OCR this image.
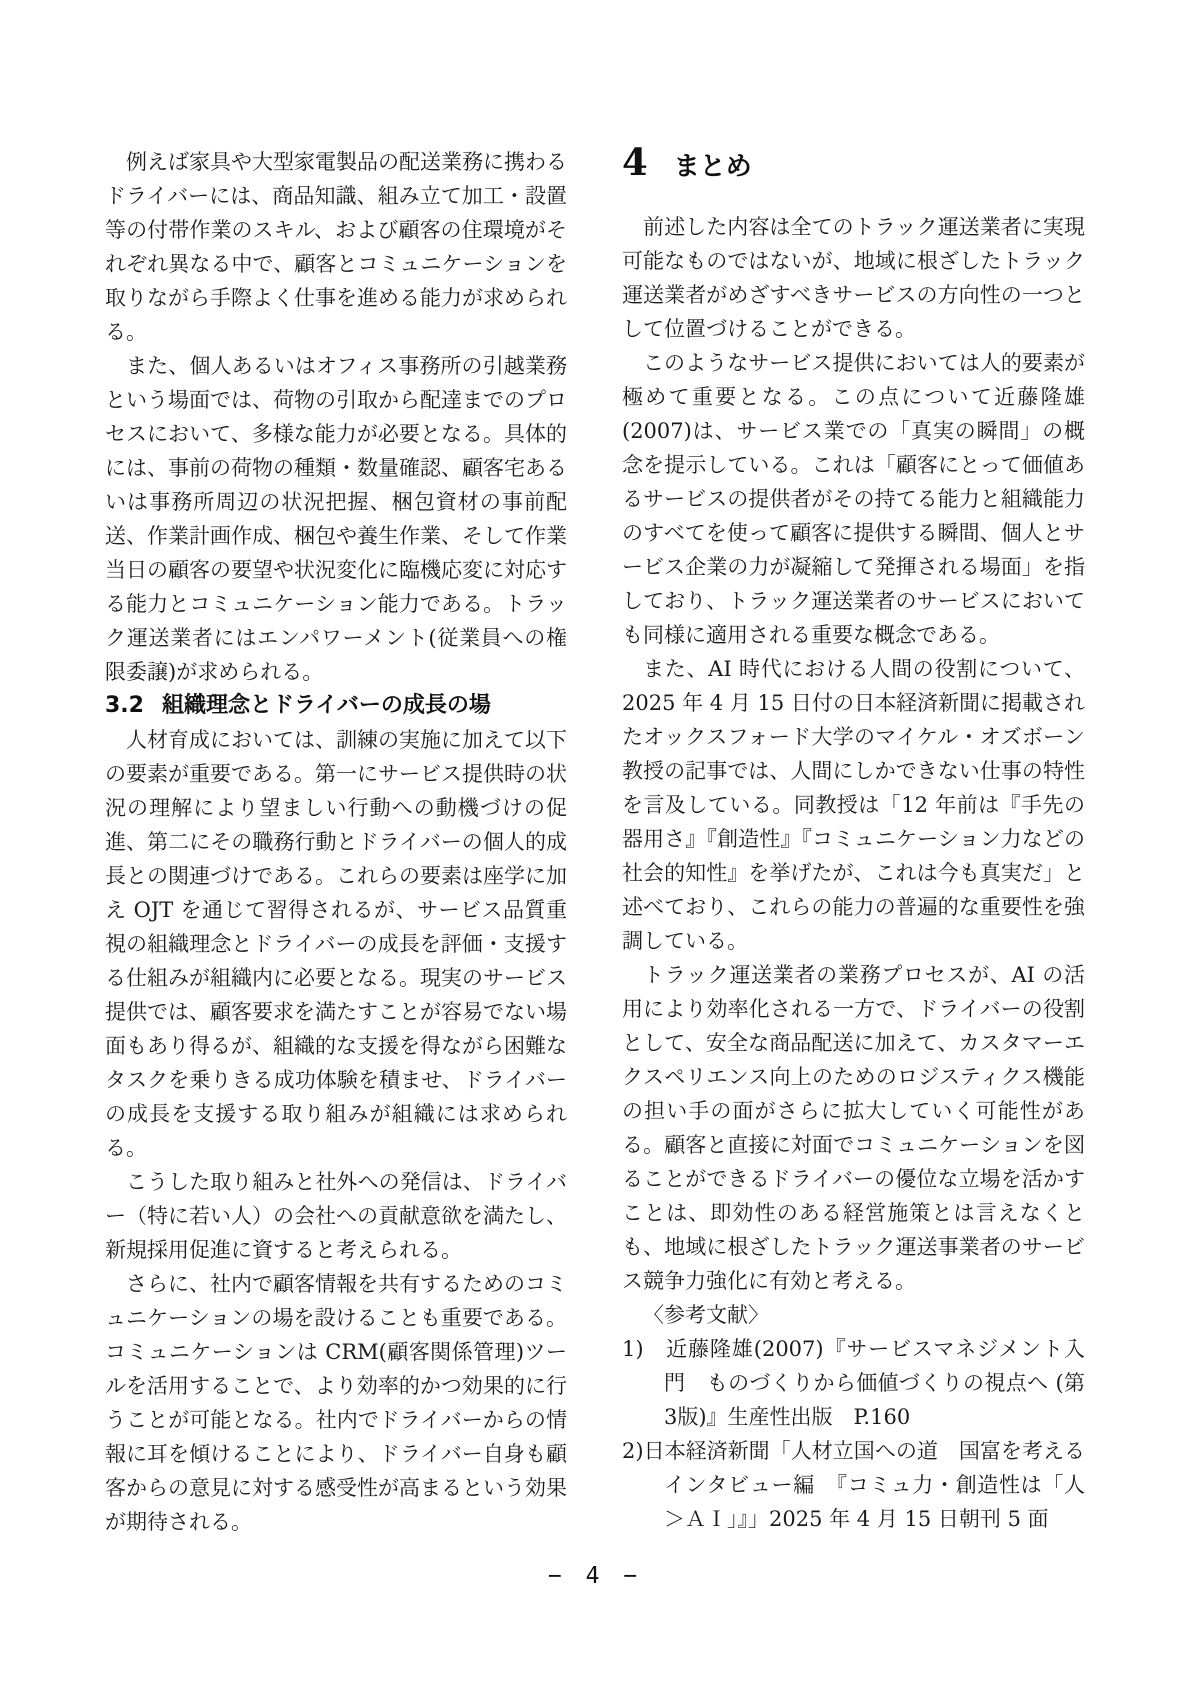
例えば家具や大型家電製品の配送業務に携わるドライバーには、商品知識、組み立て加工・設置等の付帯作業のスキル、および顧客の住環境がそれぞれ異なる中で、顧客とコミュニケーションを取りながら手際よく仕事を進める能力が求められる。

また、個人あるいはオフィス事務所の引越業務という場面では、荷物の引取から配達までのプロセスにおいて、多様な能力が必要となる。具体的には、事前の荷物の種類・数量確認、顧客宅あるいは事務所周辺の状況把握、梱包資材の事前配送、作業計画作成、梱包や養生作業、そして作業当日の顧客の要望や状況変化に臨機応変に対応する能力とコミュニケーション能力である。トラック運送業者にはエンパワーメント(従業員への権限委譲)が求められる。

3.2 組織理念とドライバーの成長の場

人材育成においては、訓練の実施に加えて以下の要素が重要である。第一にサービス提供時の状況の理解により望ましい行動への動機づけの促進、第二にその職務行動とドライバーの個人的成長との関連づけである。これらの要素は座学に加え OJT を通じて習得されるが、サービス品質重視の組織理念とドライバーの成長を評価・支援する仕組みが組織内に必要となる。現実のサービス提供では、顧客要求を満たすことが容易でない場面もあり得るが、組織的な支援を得ながら困難なタスクを乗りきる成功体験を積ませ、ドライバーの成長を支援する取り組みが組織には求められる。

こうした取り組みと社外への発信は、ドライバー（特に若い人）の会社への貢献意欲を満たし、新規採用促進に資すると考えられる。

さらに、社内で顧客情報を共有するためのコミュニケーションの場を設けることも重要である。コミュニケーションは CRM(顧客関係管理)ツールを活用することで、より効率的かつ効果的に行うことが可能となる。社内でドライバーからの情報に耳を傾けることにより、ドライバー自身も顧客からの意見に対する感受性が高まるという効果が期待される。

4 まとめ

前述した内容は全てのトラック運送業者に実現可能なものではないが、地域に根ざしたトラック運送業者がめざすべきサービスの方向性の一つとして位置づけることができる。

このようなサービス提供においては人的要素が極めて重要となる。この点について近藤隆雄(2007)は、サービス業での「真実の瞬間」の概念を提示している。これは「顧客にとって価値あるサービスの提供者がその持てる能力と組織能力のすべてを使って顧客に提供する瞬間、個人とサービス企業の力が凝縮して発揮される場面」を指しており、トラック運送業者のサービスにおいても同様に適用される重要な概念である。

また、AI 時代における人間の役割について、2025 年 4 月 15 日付の日本経済新聞に掲載されたオックスフォード大学のマイケル・オズボーン教授の記事では、人間にしかできない仕事の特性を言及している。同教授は「12 年前は『手先の器用さ』『創造性』『コミュニケーション力などの社会的知性』を挙げたが、これは今も真実だ」と述べており、これらの能力の普遍的な重要性を強調している。

トラック運送業者の業務プロセスが、AI の活用により効率化される一方で、ドライバーの役割として、安全な商品配送に加えて、カスタマーエクスペリエンス向上のためのロジスティクス機能の担い手の面がさらに拡大していく可能性がある。顧客と直接に対面でコミュニケーションを図ることができるドライバーの優位な立場を活かすことは、即効性のある経営施策とは言えなくとも、地域に根ざしたトラック運送事業者のサービス競争力強化に有効と考える。

〈参考文献〉

1)　近藤隆雄(2007)『サービスマネジメント入門　ものづくりから価値づくりの視点へ (第3版)』生産性出版　P.160

2)日本経済新聞「人材立国への道　国富を考える　インタビュー編　『コミュ力・創造性は「人＞ＡＩ」』」2025 年 4 月 15 日朝刊 5 面

− 4 −
